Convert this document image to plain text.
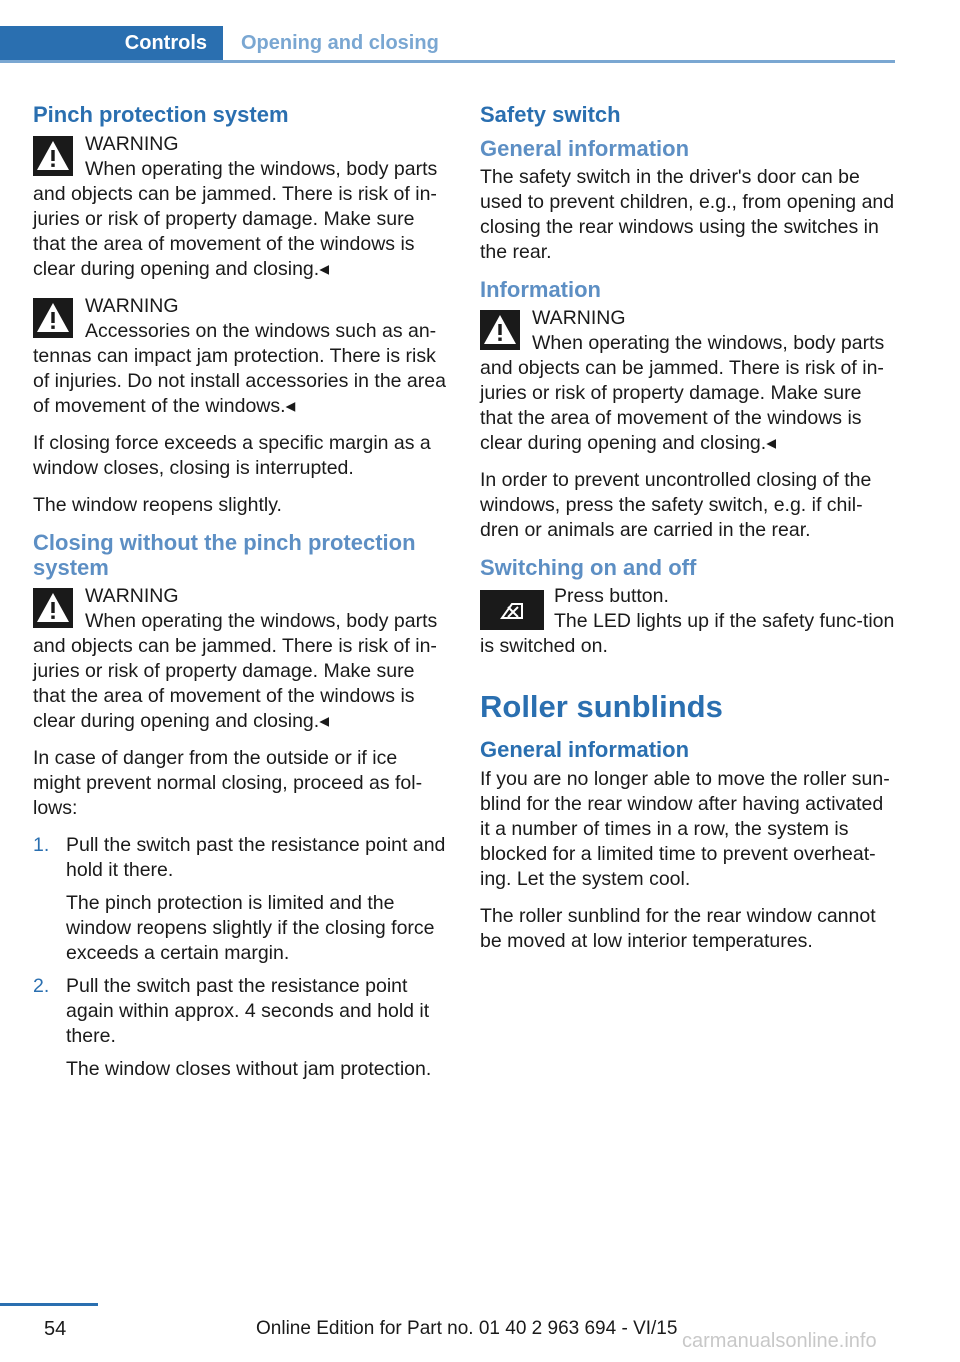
Controls	Opening and closing
Pinch protection system
WARNING
When operating the windows, body parts and objects can be jammed. There is risk of in‐juries or risk of property damage. Make sure that the area of movement of the windows is clear during opening and closing.◂
WARNING
Accessories on the windows such as an‐tennas can impact jam protection. There is risk of injuries. Do not install accessories in the area of movement of the windows.◂

If closing force exceeds a specific margin as a window closes, closing is interrupted.

The window reopens slightly.

Closing without the pinch protection system
WARNING
When operating the windows, body parts and objects can be jammed. There is risk of in‐juries or risk of property damage. Make sure that the area of movement of the windows is clear during opening and closing.◂

In case of danger from the outside or if ice might prevent normal closing, proceed as fol‐lows:

1. Pull the switch past the resistance point and hold it there.

The pinch protection is limited and the window reopens slightly if the closing force exceeds a certain margin.

2. Pull the switch past the resistance point again within approx. 4 seconds and hold it there.

The window closes without jam protection.

Safety switch
General information

The safety switch in the driver's door can be used to prevent children, e.g., from opening and closing the rear windows using the switches in the rear.

Information
WARNING
When operating the windows, body parts and objects can be jammed. There is risk of in‐juries or risk of property damage. Make sure that the area of movement of the windows is clear during opening and closing.◂

In order to prevent uncontrolled closing of the windows, press the safety switch, e.g. if chil‐dren or animals are carried in the rear.

Switching on and off
Press button.
The LED lights up if the safety func‐tion is switched on.
Roller sunblinds
General information

If you are no longer able to move the roller sun‐blind for the rear window after having activated it a number of times in a row, the system is blocked for a limited time to prevent overheat‐ing. Let the system cool.

The roller sunblind for the rear window cannot be moved at low interior temperatures.

54	Online Edition for Part no. 01 40 2 963 694 - VI/15
carmanualsonline.info
